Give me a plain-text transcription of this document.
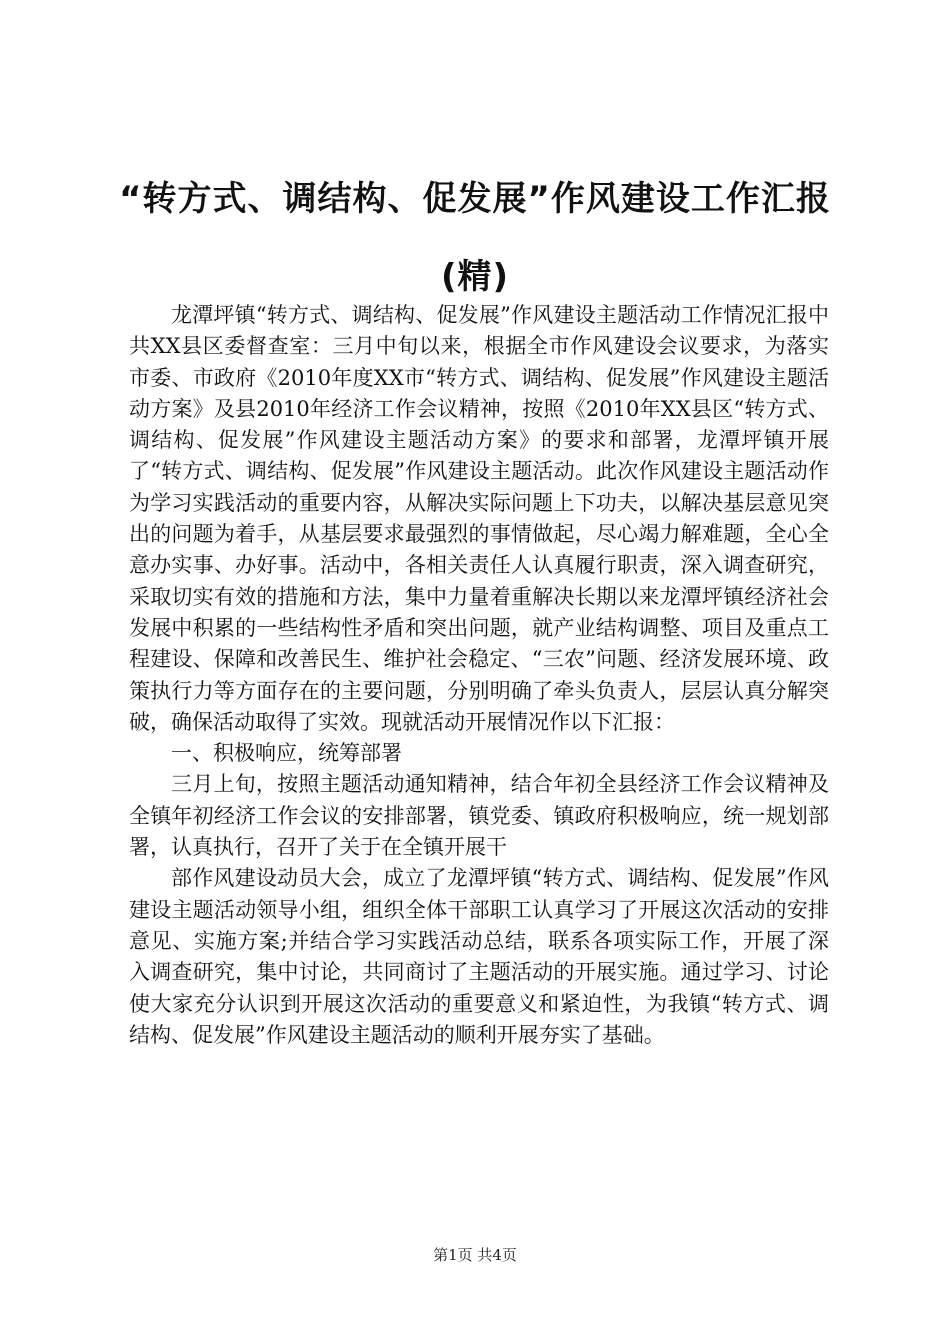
“转方式、调结构、促发展”作风建设工作汇报(精)

龙潭坪镇“转方式、调结构、促发展”作风建设主题活动工作情况汇报中共XX县区委督查室：三月中旬以来，根据全市作风建设会议要求，为落实市委、市政府《2010年度XX市“转方式、调结构、促发展”作风建设主题活动方案》及县2010年经济工作会议精神，按照《2010年XX县区“转方式、调结构、促发展”作风建设主题活动方案》的要求和部署，龙潭坪镇开展了“转方式、调结构、促发展”作风建设主题活动。此次作风建设主题活动作为学习实践活动的重要内容，从解决实际问题上下功夫，以解决基层意见突出的问题为着手，从基层要求最强烈的事情做起，尽心竭力解难题，全心全意办实事、办好事。活动中，各相关责任人认真履行职责，深入调查研究，采取切实有效的措施和方法，集中力量着重解决长期以来龙潭坪镇经济社会发展中积累的一些结构性矛盾和突出问题，就产业结构调整、项目及重点工程建设、保障和改善民生、维护社会稳定、“三农”问题、经济发展环境、政策执行力等方面存在的主要问题，分别明确了牵头负责人，层层认真分解突破，确保活动取得了实效。现就活动开展情况作以下汇报：

一、积极响应，统筹部署

三月上旬，按照主题活动通知精神，结合年初全县经济工作会议精神及全镇年初经济工作会议的安排部署，镇党委、镇政府积极响应，统一规划部署，认真执行，召开了关于在全镇开展干

部作风建设动员大会，成立了龙潭坪镇“转方式、调结构、促发展”作风建设主题活动领导小组，组织全体干部职工认真学习了开展这次活动的安排意见、实施方案;并结合学习实践活动总结，联系各项实际工作，开展了深入调查研究，集中讨论，共同商讨了主题活动的开展实施。通过学习、讨论使大家充分认识到开展这次活动的重要意义和紧迫性，为我镇“转方式、调结构、促发展”作风建设主题活动的顺利开展夯实了基础。

第1页 共4页
